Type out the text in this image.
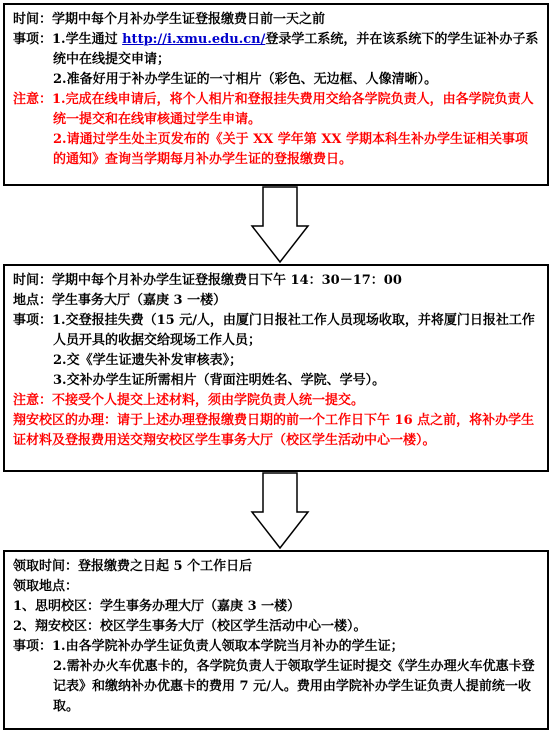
时间：学期中每个月补办学生证登报缴费日前一天之前

事项：1.学生通过 http://i.xmu.edu.cn/登录学工系统，并在该系统下的学生证补办子系统中在线提交申请；

2.准备好用于补办学生证的一寸相片（彩色、无边框、人像清晰）。

注意：1.完成在线申请后，将个人相片和登报挂失费用交给各学院负责人，由各学院负责人统一提交和在线审核通过学生申请。

2.请通过学生处主页发布的《关于 XX 学年第 XX 学期本科生补办学生证相关事项的通知》查询当学期每月补办学生证的登报缴费日。

时间：学期中每个月补办学生证登报缴费日下午 14：30－17：00

地点：学生事务大厅（嘉庚 3 一楼）

事项：1.交登报挂失费（15 元/人，由厦门日报社工作人员现场收取，并将厦门日报社工作人员开具的收据交给现场工作人员；

2.交《学生证遗失补发审核表》；

3.交补办学生证所需相片（背面注明姓名、学院、学号）。

注意：不接受个人提交上述材料，须由学院负责人统一提交。

翔安校区的办理：请于上述办理登报缴费日期的前一个工作日下午 16 点之前，将补办学生证材料及登报费用送交翔安校区学生事务大厅（校区学生活动中心一楼）。

领取时间：登报缴费之日起 5 个工作日后

领取地点：

1、思明校区：学生事务办理大厅（嘉庚 3 一楼）

2、翔安校区：校区学生事务大厅（校区学生活动中心一楼）。

事项：1.由各学院补办学生证负责人领取本学院当月补办的学生证；

2.需补办火车优惠卡的，各学院负责人于领取学生证时提交《学生办理火车优惠卡登记表》和缴纳补办优惠卡的费用 7 元/人。费用由学院补办学生证负责人提前统一收取。
